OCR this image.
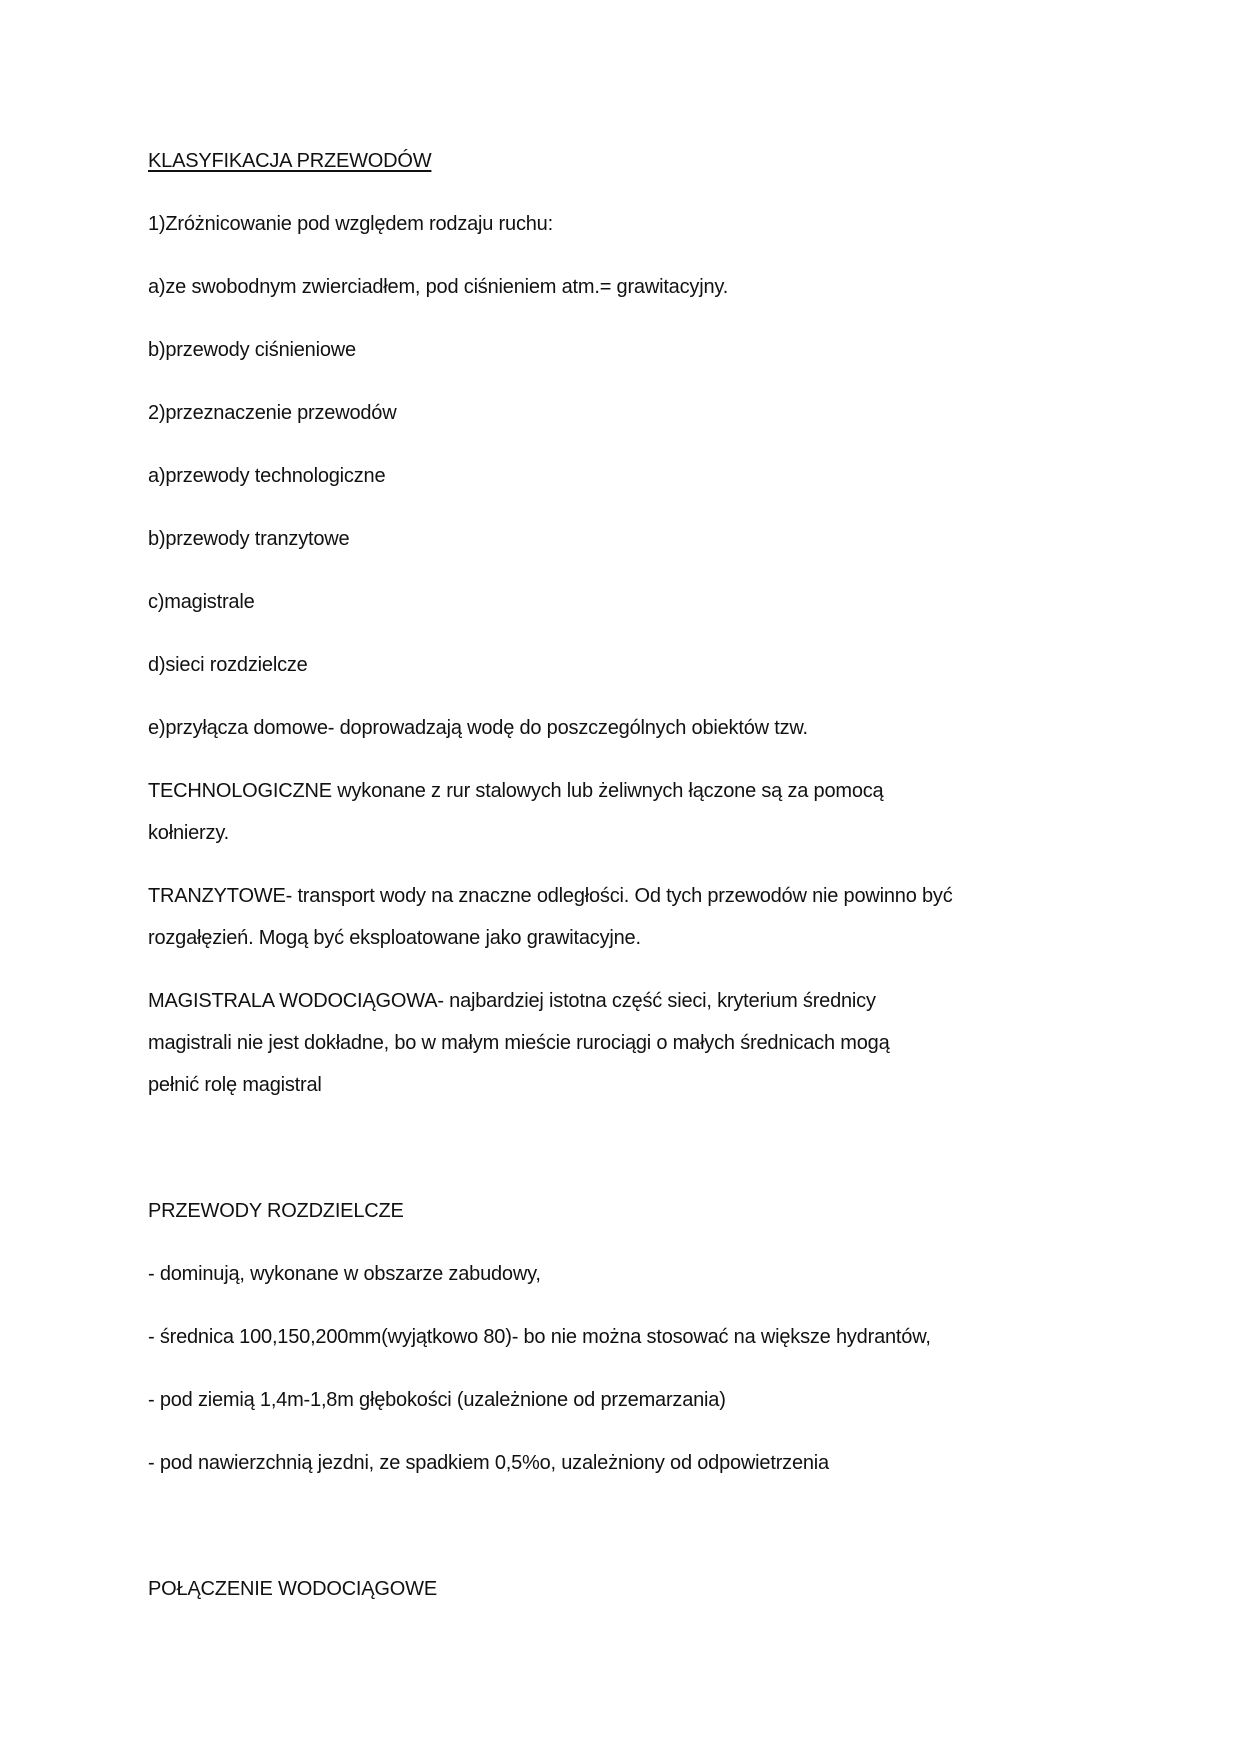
KLASYFIKACJA PRZEWODÓW
1)Zróżnicowanie pod względem rodzaju ruchu:
a)ze swobodnym zwierciadłem, pod ciśnieniem atm.= grawitacyjny.
b)przewody ciśnieniowe
2)przeznaczenie przewodów
a)przewody technologiczne
b)przewody tranzytowe
c)magistrale
d)sieci rozdzielcze
e)przyłącza domowe- doprowadzają wodę do poszczególnych obiektów tzw.
TECHNOLOGICZNE wykonane z rur stalowych lub żeliwnych łączone są za pomocą
kołnierzy.
TRANZYTOWE- transport wody na znaczne odległości. Od tych przewodów nie powinno być
rozgałęzień. Mogą być eksploatowane jako grawitacyjne.
MAGISTRALA WODOCIĄGOWA- najbardziej istotna część sieci, kryterium średnicy
magistrali nie jest dokładne, bo w małym mieście rurociągi o małych średnicach mogą
pełnić rolę magistral
PRZEWODY ROZDZIELCZE
- dominują, wykonane w obszarze zabudowy,
- średnica 100,150,200mm(wyjątkowo 80)- bo nie można stosować na większe hydrantów,
- pod ziemią 1,4m-1,8m głębokości (uzależnione od przemarzania)
- pod nawierzchnią jezdni, ze spadkiem 0,5%o, uzależniony od odpowietrzenia
POŁĄCZENIE WODOCIĄGOWE
